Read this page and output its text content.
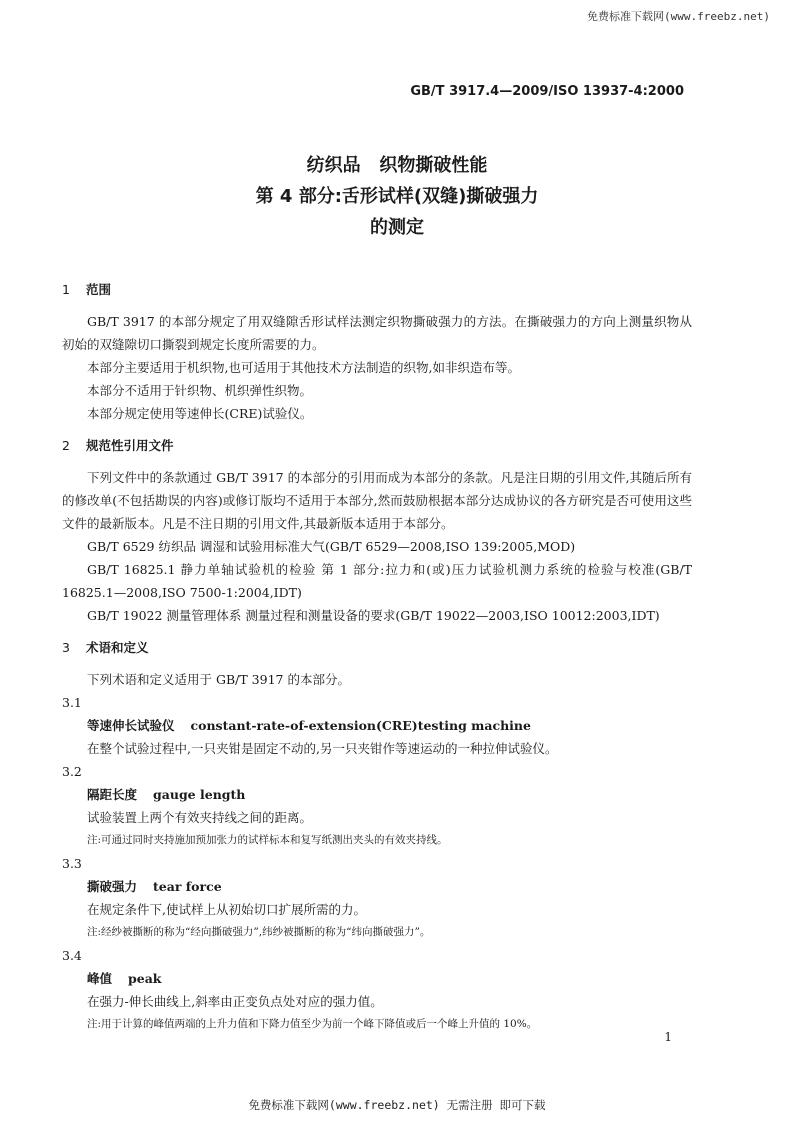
免费标准下载网(www.freebz.net)
GB/T 3917.4—2009/ISO 13937-4:2000
纺织品   织物撕破性能
第 4 部分:舌形试样(双缝)撕破强力
的测定

1 范围

GB/T 3917 的本部分规定了用双缝隙舌形试样法测定织物撕破强力的方法。在撕破强力的方向上测量织物从初始的双缝隙切口撕裂到规定长度所需要的力。

本部分主要适用于机织物,也可适用于其他技术方法制造的织物,如非织造布等。

本部分不适用于针织物、机织弹性织物。

本部分规定使用等速伸长(CRE)试验仪。

2 规范性引用文件

下列文件中的条款通过 GB/T 3917 的本部分的引用而成为本部分的条款。凡是注日期的引用文件,其随后所有的修改单(不包括勘误的内容)或修订版均不适用于本部分,然而鼓励根据本部分达成协议的各方研究是否可使用这些文件的最新版本。凡是不注日期的引用文件,其最新版本适用于本部分。

GB/T 6529 纺织品 调湿和试验用标准大气(GB/T 6529—2008,ISO 139:2005,MOD)

GB/T 16825.1 静力单轴试验机的检验 第 1 部分:拉力和(或)压力试验机测力系统的检验与校准(GB/T 16825.1—2008,ISO 7500-1:2004,IDT)

GB/T 19022 测量管理体系 测量过程和测量设备的要求(GB/T 19022—2003,ISO 10012:2003,IDT)

3 术语和定义

下列术语和定义适用于 GB/T 3917 的本部分。

3.1

等速伸长试验仪 constant-rate-of-extension(CRE)testing machine

在整个试验过程中,一只夹钳是固定不动的,另一只夹钳作等速运动的一种拉伸试验仪。

3.2

隔距长度 gauge length

试验装置上两个有效夹持线之间的距离。

注:可通过同时夹持施加预加张力的试样标本和复写纸测出夹头的有效夹持线。

3.3

撕破强力 tear force

在规定条件下,使试样上从初始切口扩展所需的力。

注:经纱被撕断的称为“经向撕破强力”,纬纱被撕断的称为“纬向撕破强力”。

3.4

峰值 peak

在强力-伸长曲线上,斜率由正变负点处对应的强力值。

注:用于计算的峰值两端的上升力值和下降力值至少为前一个峰下降值或后一个峰上升值的 10%。

1
免费标准下载网(www.freebz.net) 无需注册 即可下载
